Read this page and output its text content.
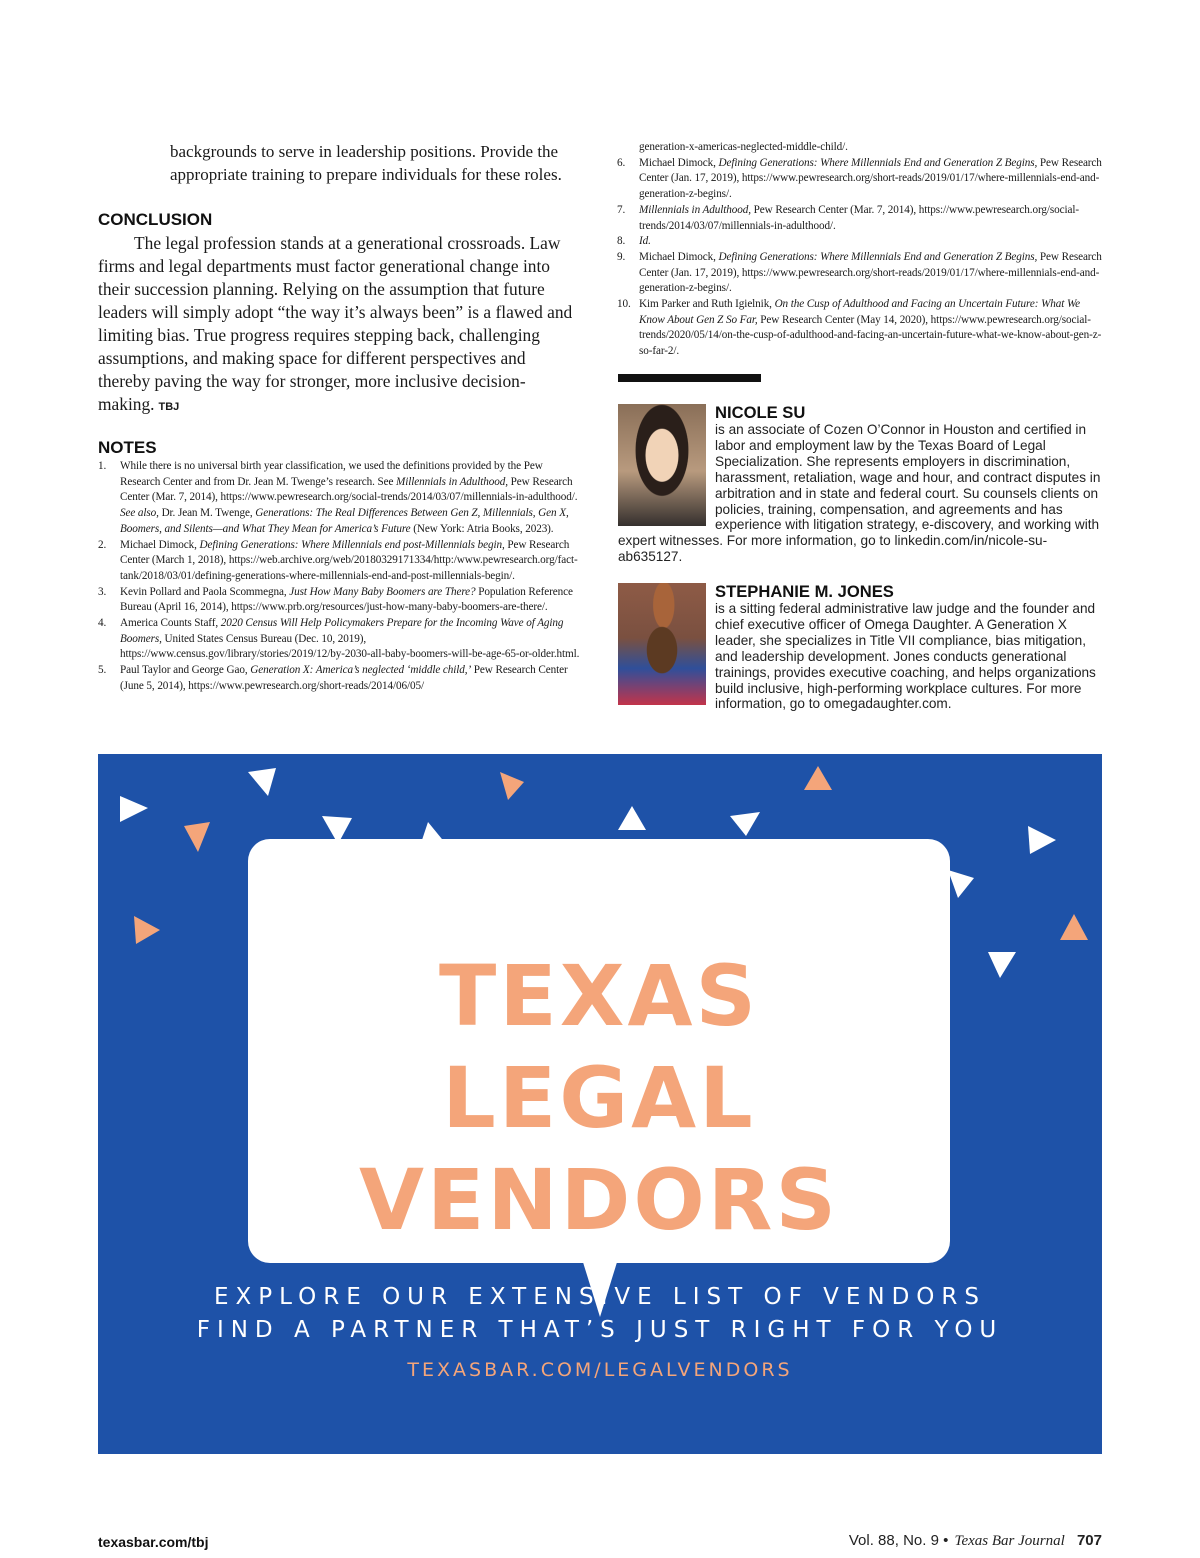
backgrounds to serve in leadership positions. Provide the appropriate training to prepare individuals for these roles.

CONCLUSION

The legal profession stands at a generational crossroads. Law firms and legal departments must factor generational change into their succession planning. Relying on the assumption that future leaders will simply adopt “the way it’s always been” is a flawed and limiting bias. True progress requires stepping back, challenging assumptions, and making space for different perspectives and thereby paving the way for stronger, more inclusive decision-making. TBJ

NOTES
1. While there is no universal birth year classification, we used the definitions provided by the Pew Research Center and from Dr. Jean M. Twenge’s research. See Millennials in Adulthood, Pew Research Center (Mar. 7, 2014), https://www.pewresearch.org/social-trends/2014/03/07/millennials-in-adulthood/. See also, Dr. Jean M. Twenge, Generations: The Real Differences Between Gen Z, Millennials, Gen X, Boomers, and Silents—and What They Mean for America’s Future (New York: Atria Books, 2023).
2. Michael Dimock, Defining Generations: Where Millennials end post-Millennials begin, Pew Research Center (March 1, 2018), https://web.archive.org/web/20180329171334/http:/www.pewresearch.org/fact-tank/2018/03/01/defining-generations-where-millennials-end-and-post-millennials-begin/.
3. Kevin Pollard and Paola Scommegna, Just How Many Baby Boomers are There? Population Reference Bureau (April 16, 2014), https://www.prb.org/resources/just-how-many-baby-boomers-are-there/.
4. America Counts Staff, 2020 Census Will Help Policymakers Prepare for the Incoming Wave of Aging Boomers, United States Census Bureau (Dec. 10, 2019), https://www.census.gov/library/stories/2019/12/by-2030-all-baby-boomers-will-be-age-65-or-older.html.
5. Paul Taylor and George Gao, Generation X: America’s neglected ‘middle child,’ Pew Research Center (June 5, 2014), https://www.pewresearch.org/short-reads/2014/06/05/
generation-x-americas-neglected-middle-child/.
6. Michael Dimock, Defining Generations: Where Millennials End and Generation Z Begins, Pew Research Center (Jan. 17, 2019), https://www.pewresearch.org/short-reads/2019/01/17/where-millennials-end-and-generation-z-begins/.
7. Millennials in Adulthood, Pew Research Center (Mar. 7, 2014), https://www.pewresearch.org/social-trends/2014/03/07/millennials-in-adulthood/.
8. Id.
9. Michael Dimock, Defining Generations: Where Millennials End and Generation Z Begins, Pew Research Center (Jan. 17, 2019), https://www.pewresearch.org/short-reads/2019/01/17/where-millennials-end-and-generation-z-begins/.
10. Kim Parker and Ruth Igielnik, On the Cusp of Adulthood and Facing an Uncertain Future: What We Know About Gen Z So Far, Pew Research Center (May 14, 2020), https://www.pewresearch.org/social-trends/2020/05/14/on-the-cusp-of-adulthood-and-facing-an-uncertain-future-what-we-know-about-gen-z-so-far-2/.
NICOLE SU
is an associate of Cozen O’Connor in Houston and certified in labor and employment law by the Texas Board of Legal Specialization. She represents employers in discrimination, harassment, retaliation, wage and hour, and contract disputes in arbitration and in state and federal court. Su counsels clients on policies, training, compensation, and agreements and has experience with litigation strategy, e-discovery, and working with expert witnesses. For more information, go to linkedin.com/in/nicole-su-ab635127.
STEPHANIE M. JONES
is a sitting federal administrative law judge and the founder and chief executive officer of Omega Daughter. A Generation X leader, she specializes in Title VII compliance, bias mitigation, and leadership development. Jones conducts generational trainings, provides executive coaching, and helps organizations build inclusive, high-performing workplace cultures. For more information, go to omegadaughter.com.
TEXAS
LEGAL
VENDORS
EXPLORE OUR EXTENSIVE LIST OF VENDORS
FIND A PARTNER THAT’S JUST RIGHT FOR YOU
TEXASBAR.COM/LEGALVENDORS
texasbar.com/tbj	Vol. 88, No. 9 • Texas Bar Journal 707
